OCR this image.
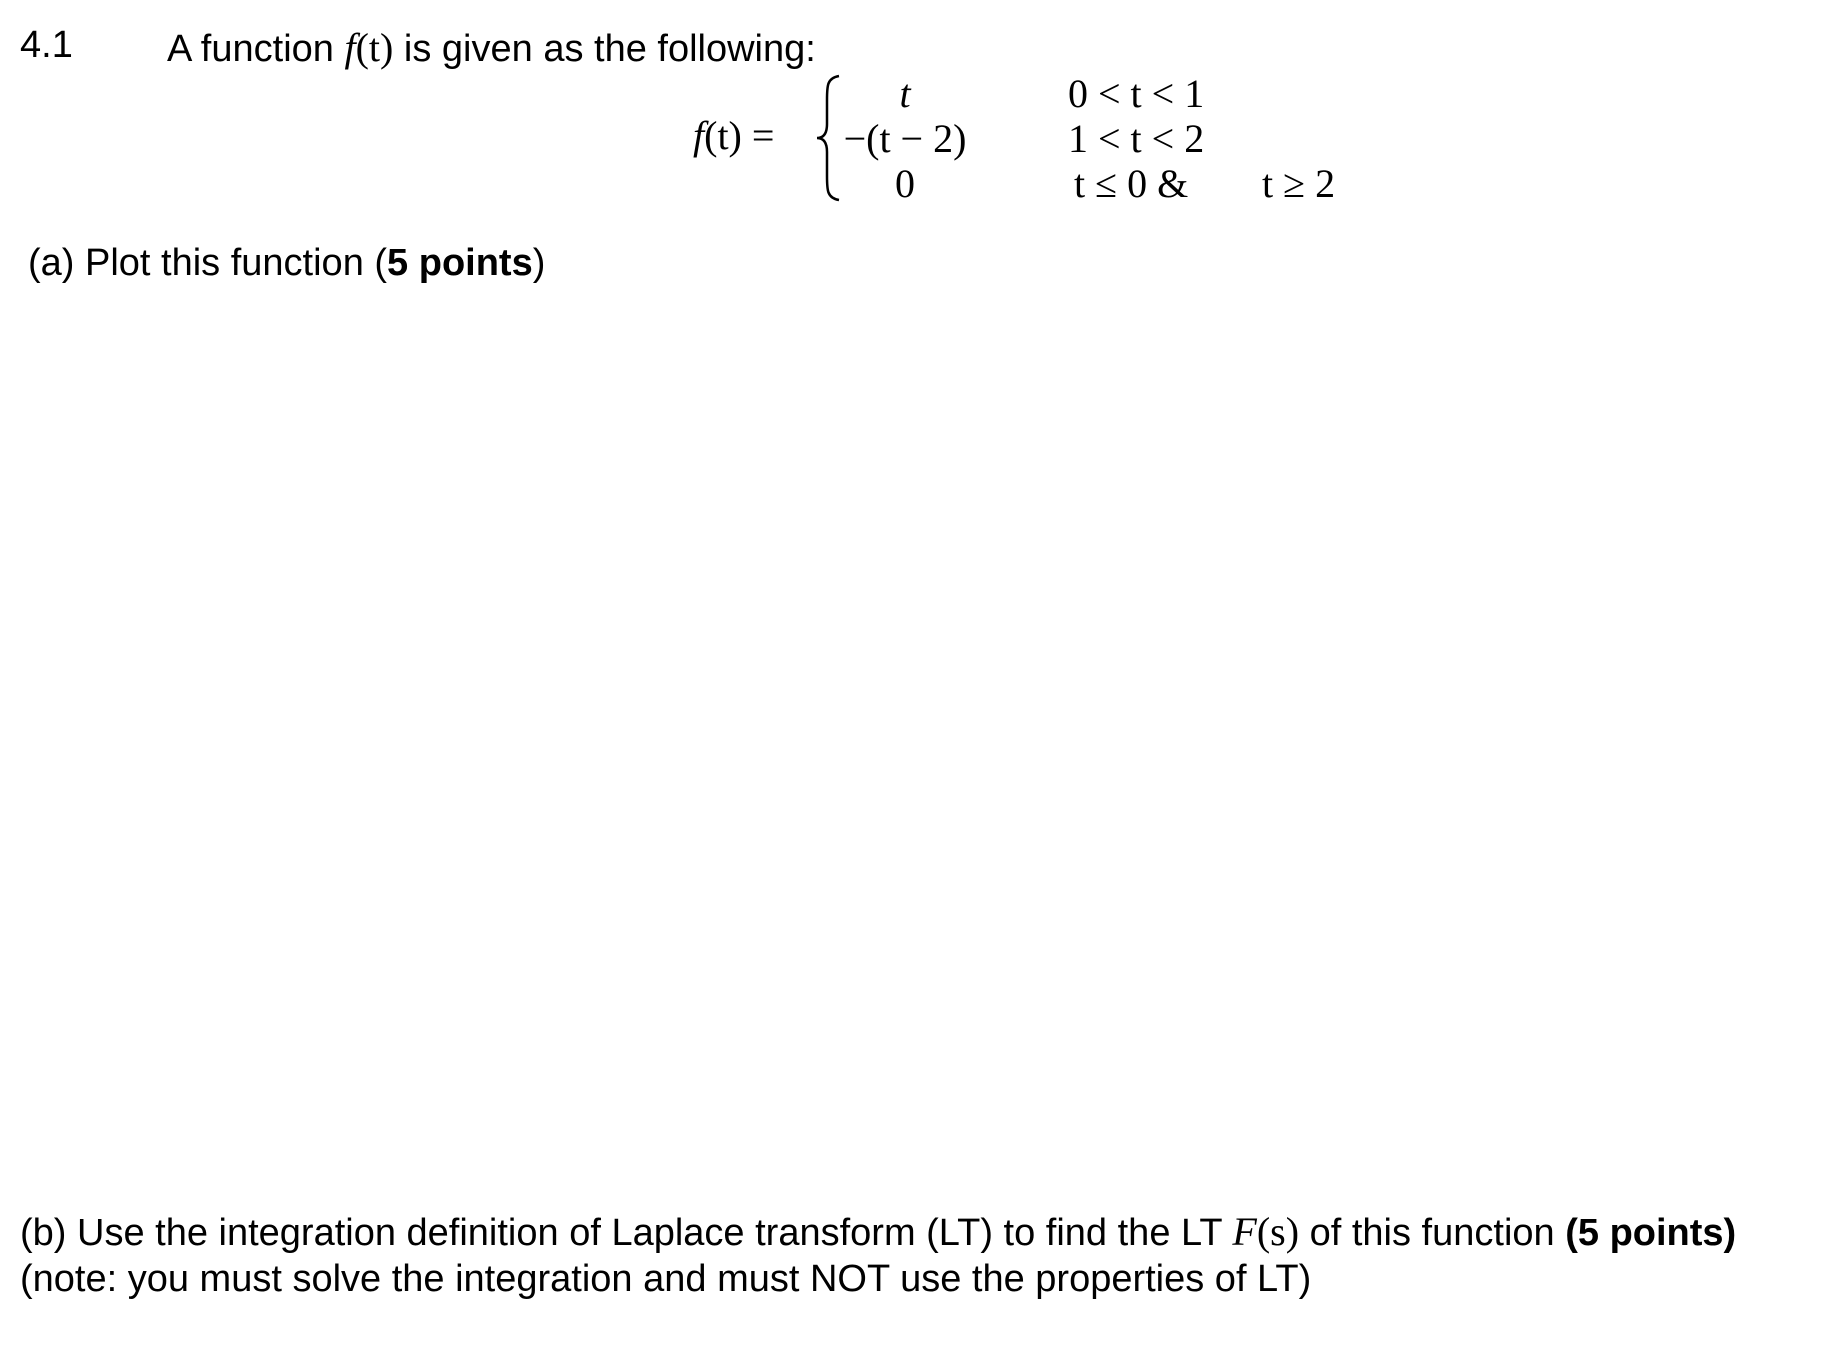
4.1 A function f(t) is given as the following:
f(t) =
t
−(t − 2)
0
0 < t < 1
1 < t < 2
t ≤ 0 & t ≥ 2
(a) Plot this function (5 points)
(b) Use the integration definition of Laplace transform (LT) to find the LT F(s) of this function (5 points)
(note: you must solve the integration and must NOT use the properties of LT)
